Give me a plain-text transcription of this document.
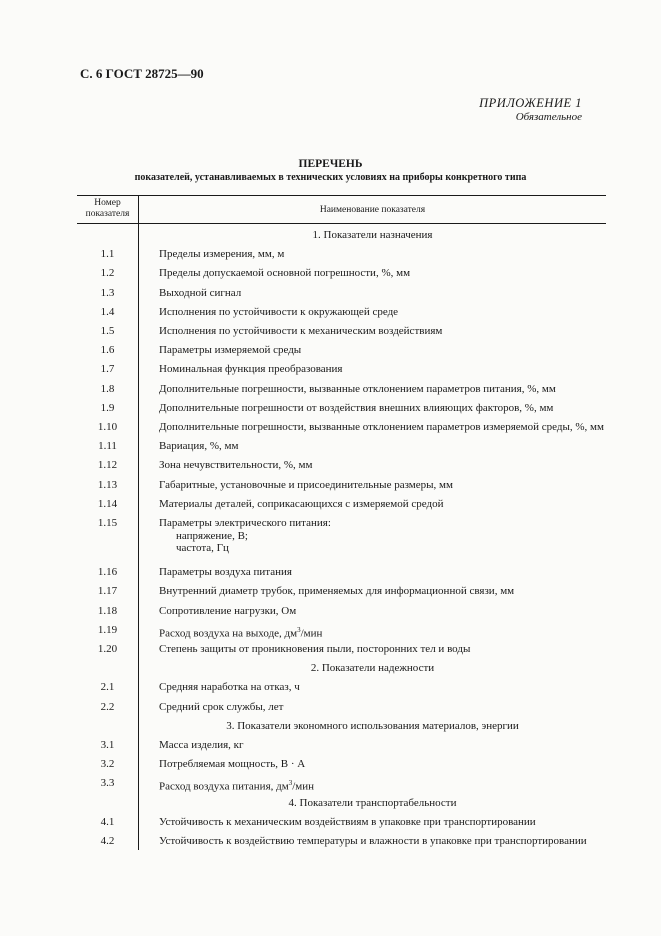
С. 6 ГОСТ 28725—90
ПРИЛОЖЕНИЕ 1
Обязательное
ПЕРЕЧЕНЬ
показателей, устанавливаемых в технических условиях на приборы конкретного типа
Номер
показателя	Наименование показателя
1. Показатели назначения
1.1	Пределы измерения, мм, м
1.2	Пределы допускаемой основной погрешности, %, мм
1.3	Выходной сигнал
1.4	Исполнения по устойчивости к окружающей среде
1.5	Исполнения по устойчивости к механическим воздействиям
1.6	Параметры измеряемой среды
1.7	Номинальная функция преобразования
1.8	Дополнительные погрешности, вызванные отклонением параметров питания, %, мм
1.9	Дополнительные погрешности от воздействия внешних влияющих факторов, %, мм
1.10	Дополнительные погрешности, вызванные отклонением параметров измеряемой среды, %, мм
1.11	Вариация, %, мм
1.12	Зона нечувствительности, %, мм
1.13	Габаритные, установочные и присоединительные размеры, мм
1.14	Материалы деталей, соприкасающихся с измеряемой средой
1.15	Параметры электрического питания:
напряжение, В;
частота, Гц
1.16	Параметры воздуха питания
1.17	Внутренний диаметр трубок, применяемых для информационной связи, мм
1.18	Сопротивление нагрузки, Ом
1.19	Расход воздуха на выходе, $дм^3$/мин
1.20	Степень защиты от проникновения пыли, посторонних тел и воды
2. Показатели надежности
2.1	Средняя наработка на отказ, ч
2.2	Средний срок службы, лет
3. Показатели экономного использования материалов, энергии
3.1	Масса изделия, кг
3.2	Потребляемая мощность, В · А
3.3	Расход воздуха питания, $дм^3$/мин
4. Показатели транспортабельности
4.1	Устойчивость к механическим воздействиям в упаковке при транспортировании
4.2	Устойчивость к воздействию температуры и влажности в упаковке при транспортировании
